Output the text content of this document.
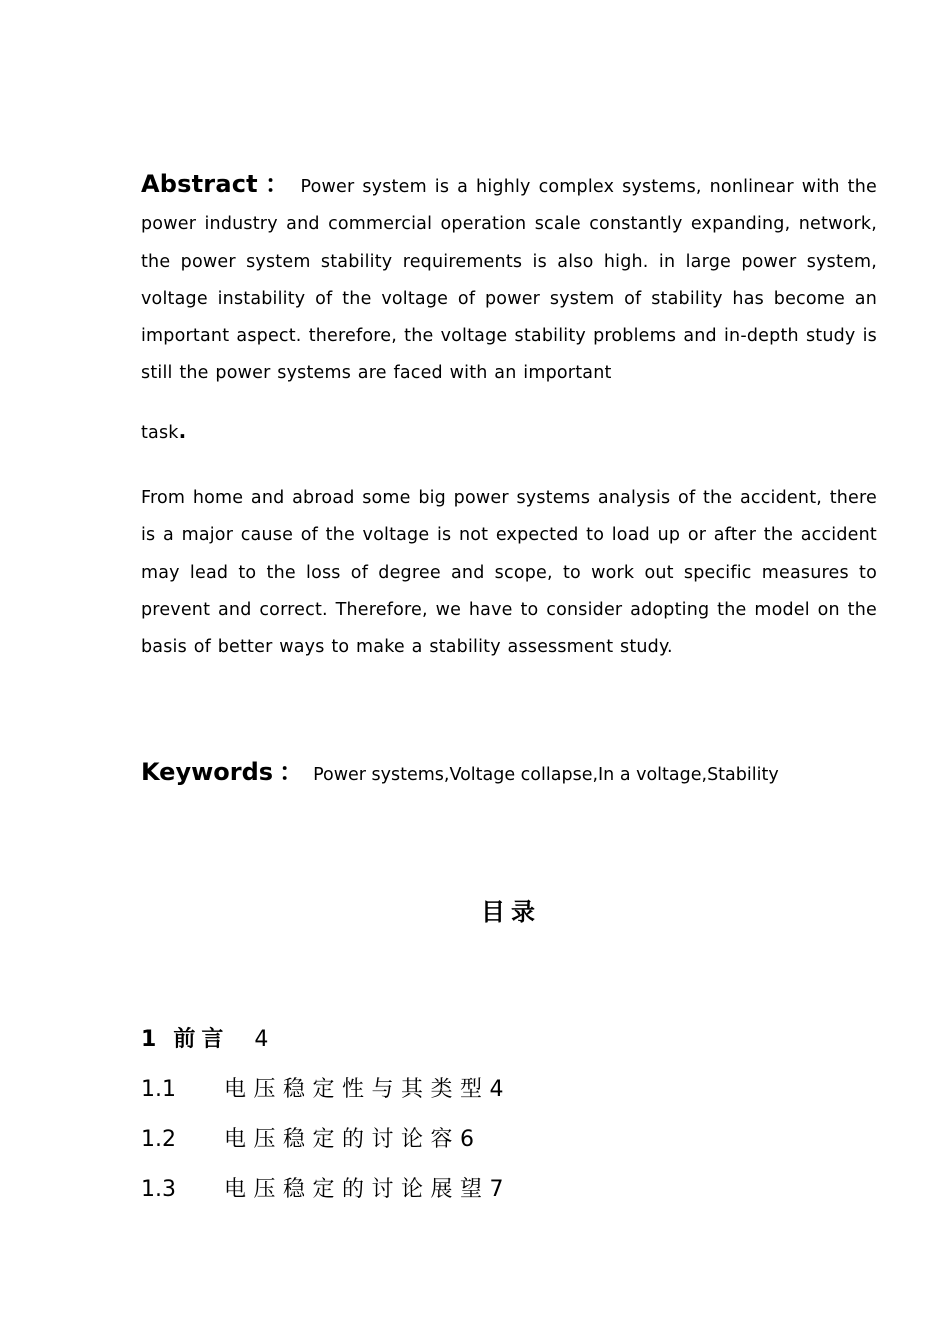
Abstract ： Power system is a highly complex systems, nonlinear with the power industry and commercial operation scale constantly expanding, network, the power system stability requirements is also high. in large power system, voltage instability of the voltage of power system of stability has become an important aspect. therefore, the voltage stability problems and in-depth study is still the power systems are faced with an important

task.

From home and abroad some big power systems analysis of the accident, there is a major cause of the voltage is not expected to load up or after the accident may lead to the loss of degree and scope, to work out specific measures to prevent and correct. Therefore, we have to consider adopting the model on the basis of better ways to make a stability assessment study.

Keywords ： Power systems,Voltage collapse,In a voltage,Stability
目录
1 前言 4
1.1 电压稳定性与其类型4
1.2 电压稳定的讨论容6
1.3 电压稳定的讨论展望7
